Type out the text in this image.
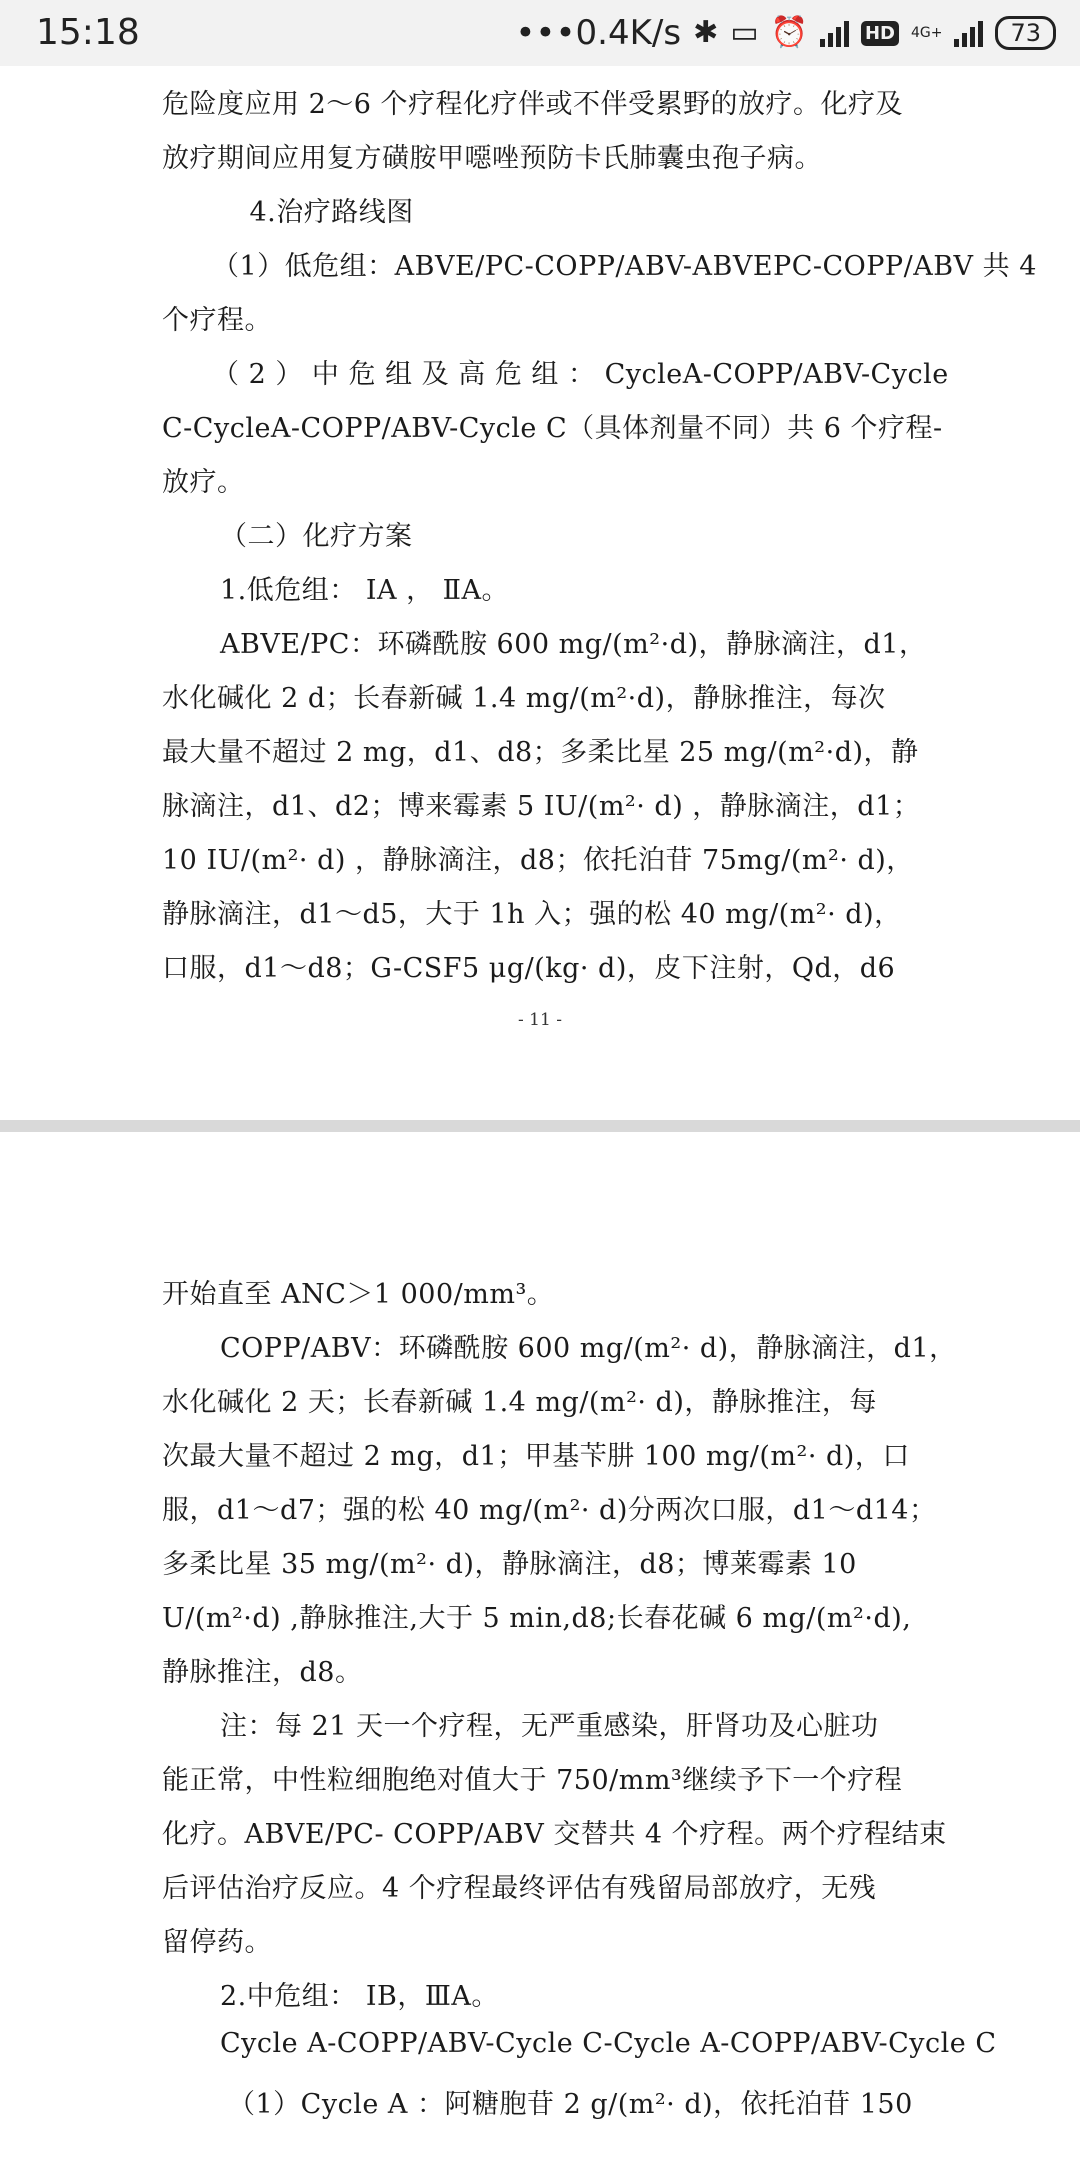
15:18	•••0.4K/s ✱ ▭ ⏰	HD 4G+	73
危险度应用 2～6 个疗程化疗伴或不伴受累野的放疗。化疗及
放疗期间应用复方磺胺甲噁唑预防卡氏肺囊虫孢子病。
　4.治疗路线图
（1）低危组：ABVE/PC-COPP/ABV-ABVEPC-COPP/ABV 共 4
个疗程。
（ 2 ） 中 危 组 及 高 危 组 ： CycleA-COPP/ABV-Cycle
C-CycleA-COPP/ABV-Cycle C（具体剂量不同）共 6 个疗程-
放疗。
（二）化疗方案
1.低危组： ⅠA ， ⅡA。
ABVE/PC：环磷酰胺 600 mg/(m²·d)，静脉滴注，d1，
水化碱化 2 d；长春新碱 1.4 mg/(m²·d)，静脉推注，每次
最大量不超过 2 mg，d1、d8；多柔比星 25 mg/(m²·d)，静
脉滴注，d1、d2；博来霉素 5 IU/(m²· d) ，静脉滴注，d1；
10 IU/(m²· d) ，静脉滴注，d8；依托泊苷 75mg/(m²· d)，
静脉滴注，d1～d5，大于 1h 入；强的松 40 mg/(m²· d)，
口服，d1～d8；G-CSF5 μg/(kg· d)，皮下注射，Qd，d6
- 11 -
开始直至 ANC＞1 000/mm³。
COPP/ABV：环磷酰胺 600 mg/(m²· d)，静脉滴注，d1，
水化碱化 2 天；长春新碱 1.4 mg/(m²· d)，静脉推注，每
次最大量不超过 2 mg，d1；甲基苄肼 100 mg/(m²· d)，口
服，d1～d7；强的松 40 mg/(m²· d)分两次口服，d1～d14；
多柔比星 35 mg/(m²· d)，静脉滴注，d8；博莱霉素 10
U/(m²·d) ,静脉推注,大于 5 min,d8;长春花碱 6 mg/(m²·d),
静脉推注，d8。
注：每 21 天一个疗程，无严重感染，肝肾功及心脏功
能正常，中性粒细胞绝对值大于 750/mm³继续予下一个疗程
化疗。ABVE/PC- COPP/ABV 交替共 4 个疗程。两个疗程结束
后评估治疗反应。4 个疗程最终评估有残留局部放疗，无残
留停药。
2.中危组： ⅠB，ⅢA。
Cycle A-COPP/ABV-Cycle C-Cycle A-COPP/ABV-Cycle C
（1）Cycle A ：阿糖胞苷 2 g/(m²· d)，依托泊苷 150
